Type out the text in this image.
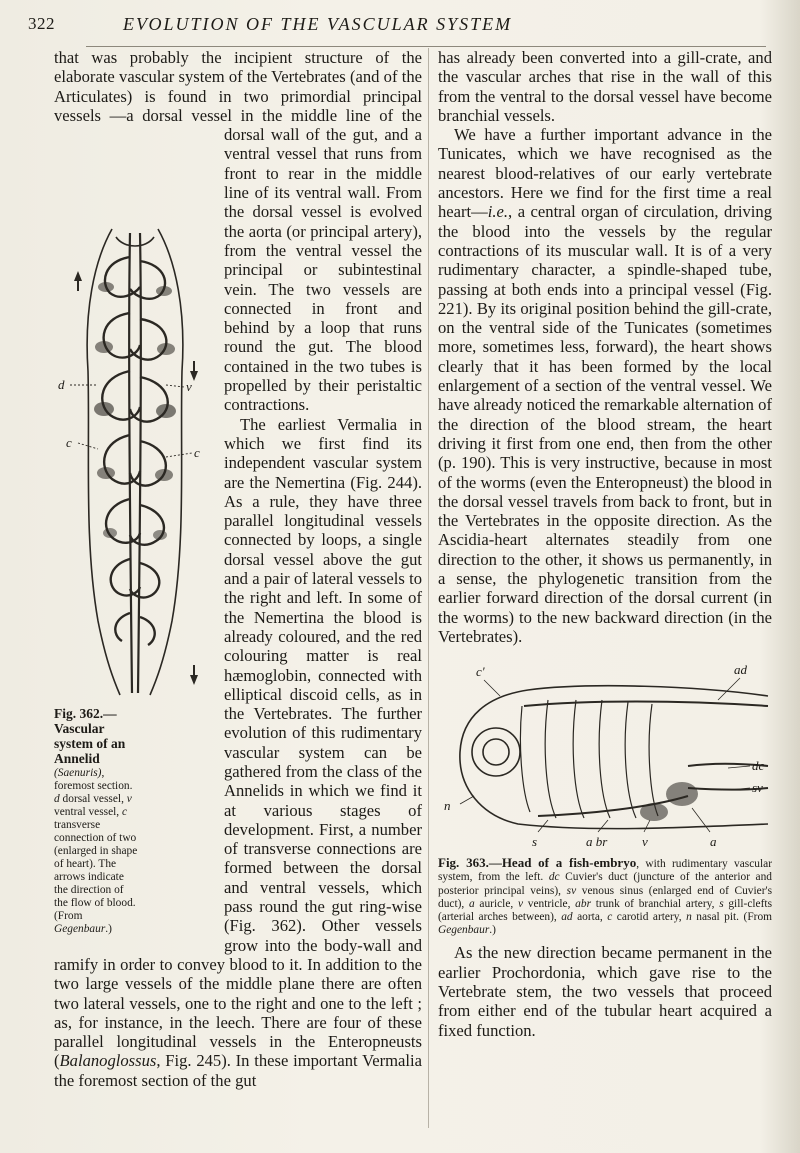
322	EVOLUTION OF THE VASCULAR SYSTEM

that was probably the incipient structure of the elaborate vascular system of the Vertebrates (and of the Articulates) is found in two primordial principal vessels —a dorsal vessel in the middle line of the
d	v
c
c
Fig. 362.—Vascular system of an Annelid (Saenuris), foremost section. d dorsal vessel, v ventral vessel, c transverse connection of two (enlarged in shape of heart). The arrows indicate the direction of the flow of blood. (From Gegenbaur.)
dorsal wall of the gut, and a ventral vessel that runs from front to rear in the middle line of its ventral wall. From the dorsal vessel is evolved the aorta (or principal artery), from the ventral vessel the principal or subintestinal vein. The two vessels are connected in front and behind by a loop that runs round the gut. The blood contained in the two tubes is propelled by their peristaltic contractions.

The earliest Vermalia in which we first find its independent vascular system are the Nemertina (Fig. 244). As a rule, they have three parallel longitudinal vessels connected by loops, a single dorsal vessel above the gut and a pair of lateral vessels to the right and left. In some of the Nemertina the blood is already coloured, and the red colouring matter is real hæmoglobin, connected with elliptical discoid cells, as in the Vertebrates. The further evolution of this rudimentary vascular system can be gathered from the class of the Annelids in which we find it at various stages of development. First, a number of transverse connections are formed between the dorsal and ventral vessels, which pass round the gut ring-wise (Fig. 362). Other vessels grow into the body-wall and ramify in order to convey blood to it. In addition to the two large vessels of the middle plane there are often two lateral vessels, one to the right and one to the left ; as, for instance, in the leech. There are four of these parallel longitudinal vessels in the Enteropneusts (Balanoglossus, Fig. 245). In these important Vermalia the foremost section of the gut

has already been converted into a gill-crate, and the vascular arches that rise in the wall of this from the ventral to the dorsal vessel have become branchial vessels.

We have a further important advance in the Tunicates, which we have recognised as the nearest blood-relatives of our early vertebrate ancestors. Here we find for the first time a real heart—i.e., a central organ of circulation, driving the blood into the vessels by the regular contractions of its muscular wall. It is of a very rudimentary character, a spindle-shaped tube, passing at both ends into a principal vessel (Fig. 221). By its original position behind the gill-crate, on the ventral side of the Tunicates (sometimes more, sometimes less, forward), the heart shows clearly that it has been formed by the local enlargement of a section of the ventral vessel. We have already noticed the remarkable alternation of the direction of the blood stream, the heart driving it first from one end, then from the other (p. 190). This is very instructive, because in most of the worms (even the Enteropneust) the blood in the dorsal vessel travels from back to front, but in the Vertebrates in the opposite direction. As the Ascidia-heart alternates steadily from one direction to the other, it shows us permanently, in a sense, the phylogenetic transition from the earlier forward direction of the dorsal current (in the worms) to the new backward direction (in the Vertebrates).

c'	ad
dc
sv
n
s	a br	v	a
Fig. 363.—Head of a fish-embryo, with rudimentary vascular system, from the left. dc Cuvier's duct (juncture of the anterior and posterior principal veins), sv venous sinus (enlarged end of Cuvier's duct), a auricle, v ventricle, abr trunk of branchial artery, s gill-clefts (arterial arches between), ad aorta, c carotid artery, n nasal pit. (From Gegenbaur.)

As the new direction became permanent in the earlier Prochordonia, which gave rise to the Vertebrate stem, the two vessels that proceed from either end of the tubular heart acquired a fixed function.
